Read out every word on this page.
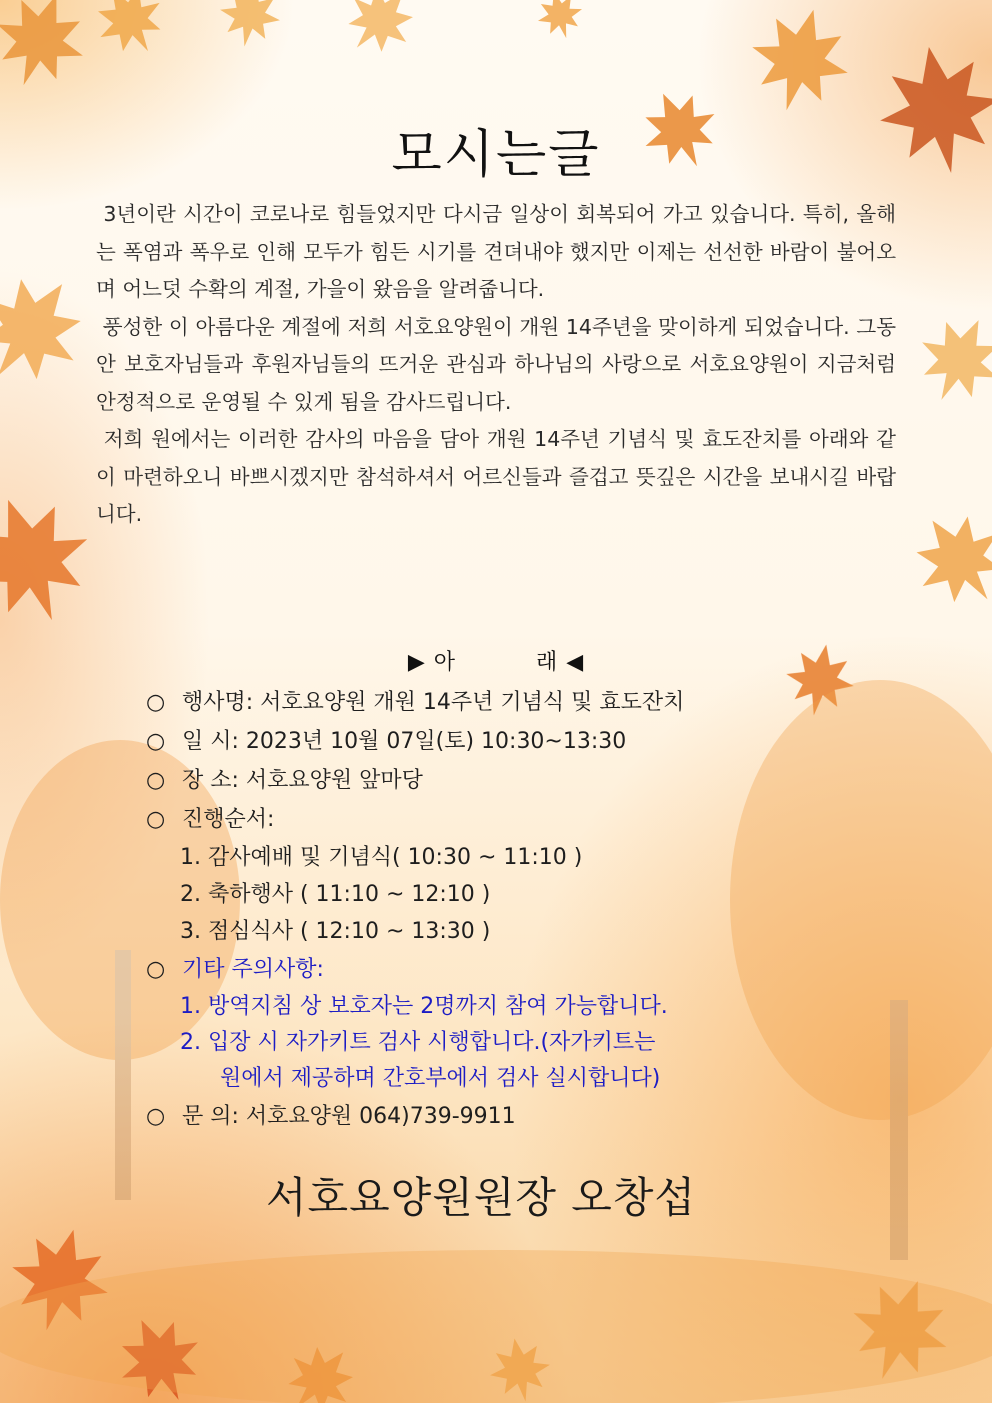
모시는글

3년이란 시간이 코로나로 힘들었지만 다시금 일상이 회복되어 가고 있습니다. 특히, 올해는 폭염과 폭우로 인해 모두가 힘든 시기를 견뎌내야 했지만 이제는 선선한 바람이 불어오며 어느덧 수확의 계절, 가을이 왔음을 알려줍니다.

풍성한 이 아름다운 계절에 저희 서호요양원이 개원 14주년을 맞이하게 되었습니다. 그동안 보호자님들과 후원자님들의 뜨거운 관심과 하나님의 사랑으로 서호요양원이 지금처럼 안정적으로 운영될 수 있게 됨을 감사드립니다.

저희 원에서는 이러한 감사의 마음을 담아 개원 14주년 기념식 및 효도잔치를 아래와 같이 마련하오니 바쁘시겠지만 참석하셔서 어르신들과 즐겁고 뜻깊은 시간을 보내시길 바랍니다.

▶ 아	래 ◀
○ 행사명: 서호요양원 개원 14주년 기념식 및 효도잔치
○ 일 시: 2023년 10월 07일(토) 10:30~13:30
○ 장 소: 서호요양원 앞마당
○ 진행순서:
1. 감사예배 및 기념식( 10:30 ~ 11:10 )
2. 축하행사 ( 11:10 ~ 12:10 )
3. 점심식사 ( 12:10 ~ 13:30 )
○ 기타 주의사항:
1. 방역지침 상 보호자는 2명까지 참여 가능합니다.
2. 입장 시 자가키트 검사 시행합니다.(자가키트는
원에서 제공하며 간호부에서 검사 실시합니다)
○ 문 의: 서호요양원 064)739-9911
서호요양원원장 오창섭
